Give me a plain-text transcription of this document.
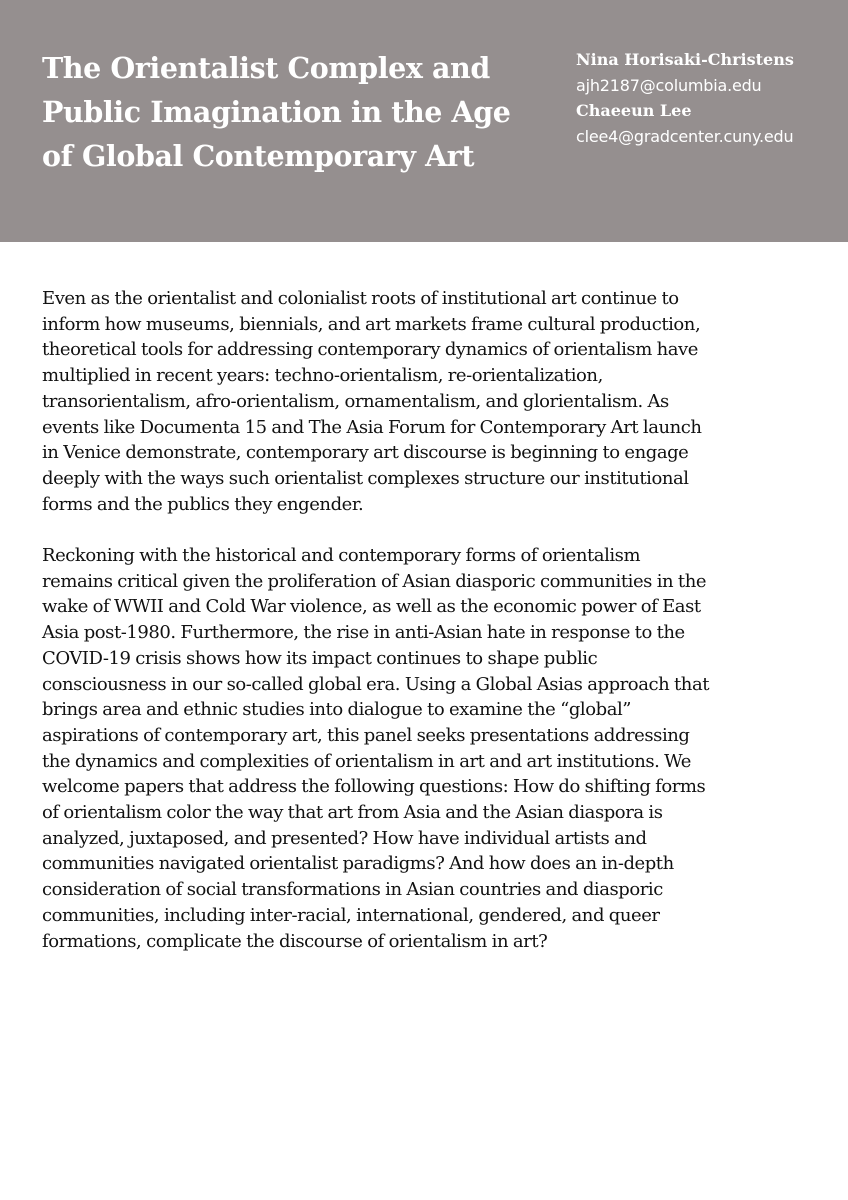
The Orientalist Complex and
Public Imagination in the Age
of Global Contemporary Art
Nina Horisaki-Christens
ajh2187@columbia.edu
Chaeeun Lee
clee4@gradcenter.cuny.edu

Even as the orientalist and colonialist roots of institutional art continue to
inform how museums, biennials, and art markets frame cultural production,
theoretical tools for addressing contemporary dynamics of orientalism have
multiplied in recent years: techno-orientalism, re-orientalization,
transorientalism, afro-orientalism, ornamentalism, and glorientalism. As
events like Documenta 15 and The Asia Forum for Contemporary Art launch
in Venice demonstrate, contemporary art discourse is beginning to engage
deeply with the ways such orientalist complexes structure our institutional
forms and the publics they engender.

Reckoning with the historical and contemporary forms of orientalism
remains critical given the proliferation of Asian diasporic communities in the
wake of WWII and Cold War violence, as well as the economic power of East
Asia post-1980. Furthermore, the rise in anti-Asian hate in response to the
COVID-19 crisis shows how its impact continues to shape public
consciousness in our so-called global era. Using a Global Asias approach that
brings area and ethnic studies into dialogue to examine the “global”
aspirations of contemporary art, this panel seeks presentations addressing
the dynamics and complexities of orientalism in art and art institutions. We
welcome papers that address the following questions: How do shifting forms
of orientalism color the way that art from Asia and the Asian diaspora is
analyzed, juxtaposed, and presented? How have individual artists and
communities navigated orientalist paradigms? And how does an in-depth
consideration of social transformations in Asian countries and diasporic
communities, including inter-racial, international, gendered, and queer
formations, complicate the discourse of orientalism in art?
